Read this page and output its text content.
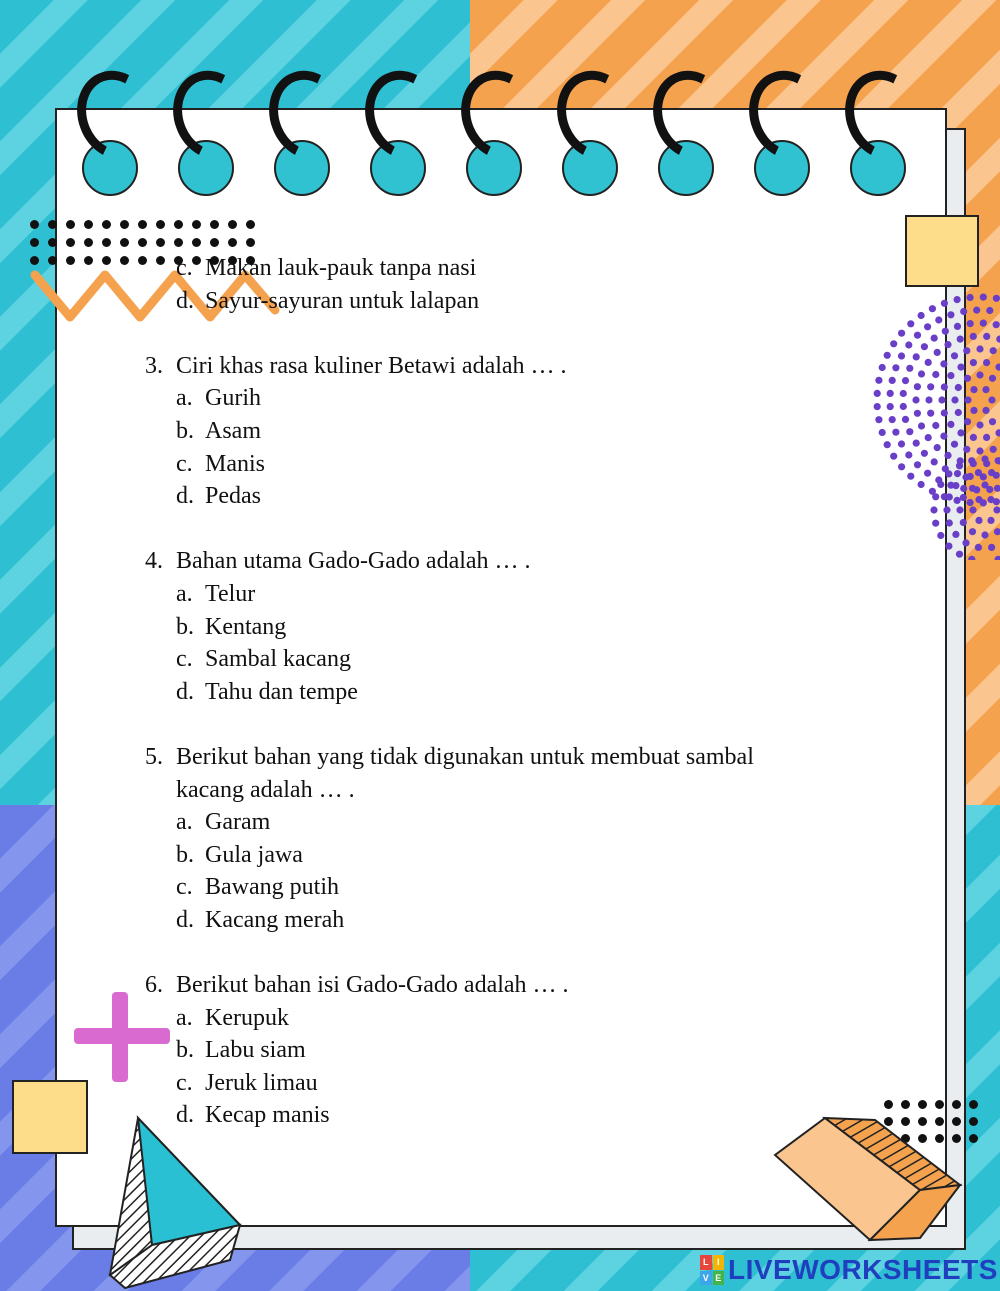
c. Makan lauk-pauk tanpa nasi
d. Sayur-sayuran untuk lalapan
3. Ciri khas rasa kuliner Betawi adalah … .
a. Gurih
b. Asam
c. Manis
d. Pedas
4. Bahan utama Gado-Gado adalah … .
a. Telur
b. Kentang
c. Sambal kacang
d. Tahu dan tempe
5. Berikut bahan yang tidak digunakan untuk membuat sambal
kacang adalah … .
a. Garam
b. Gula jawa
c. Bawang putih
d. Kacang merah
6. Berikut bahan isi Gado-Gado adalah … .
a. Kerupuk
b. Labu siam
c. Jeruk limau
d. Kecap manis
L I
V E LIVEWORKSHEETS
